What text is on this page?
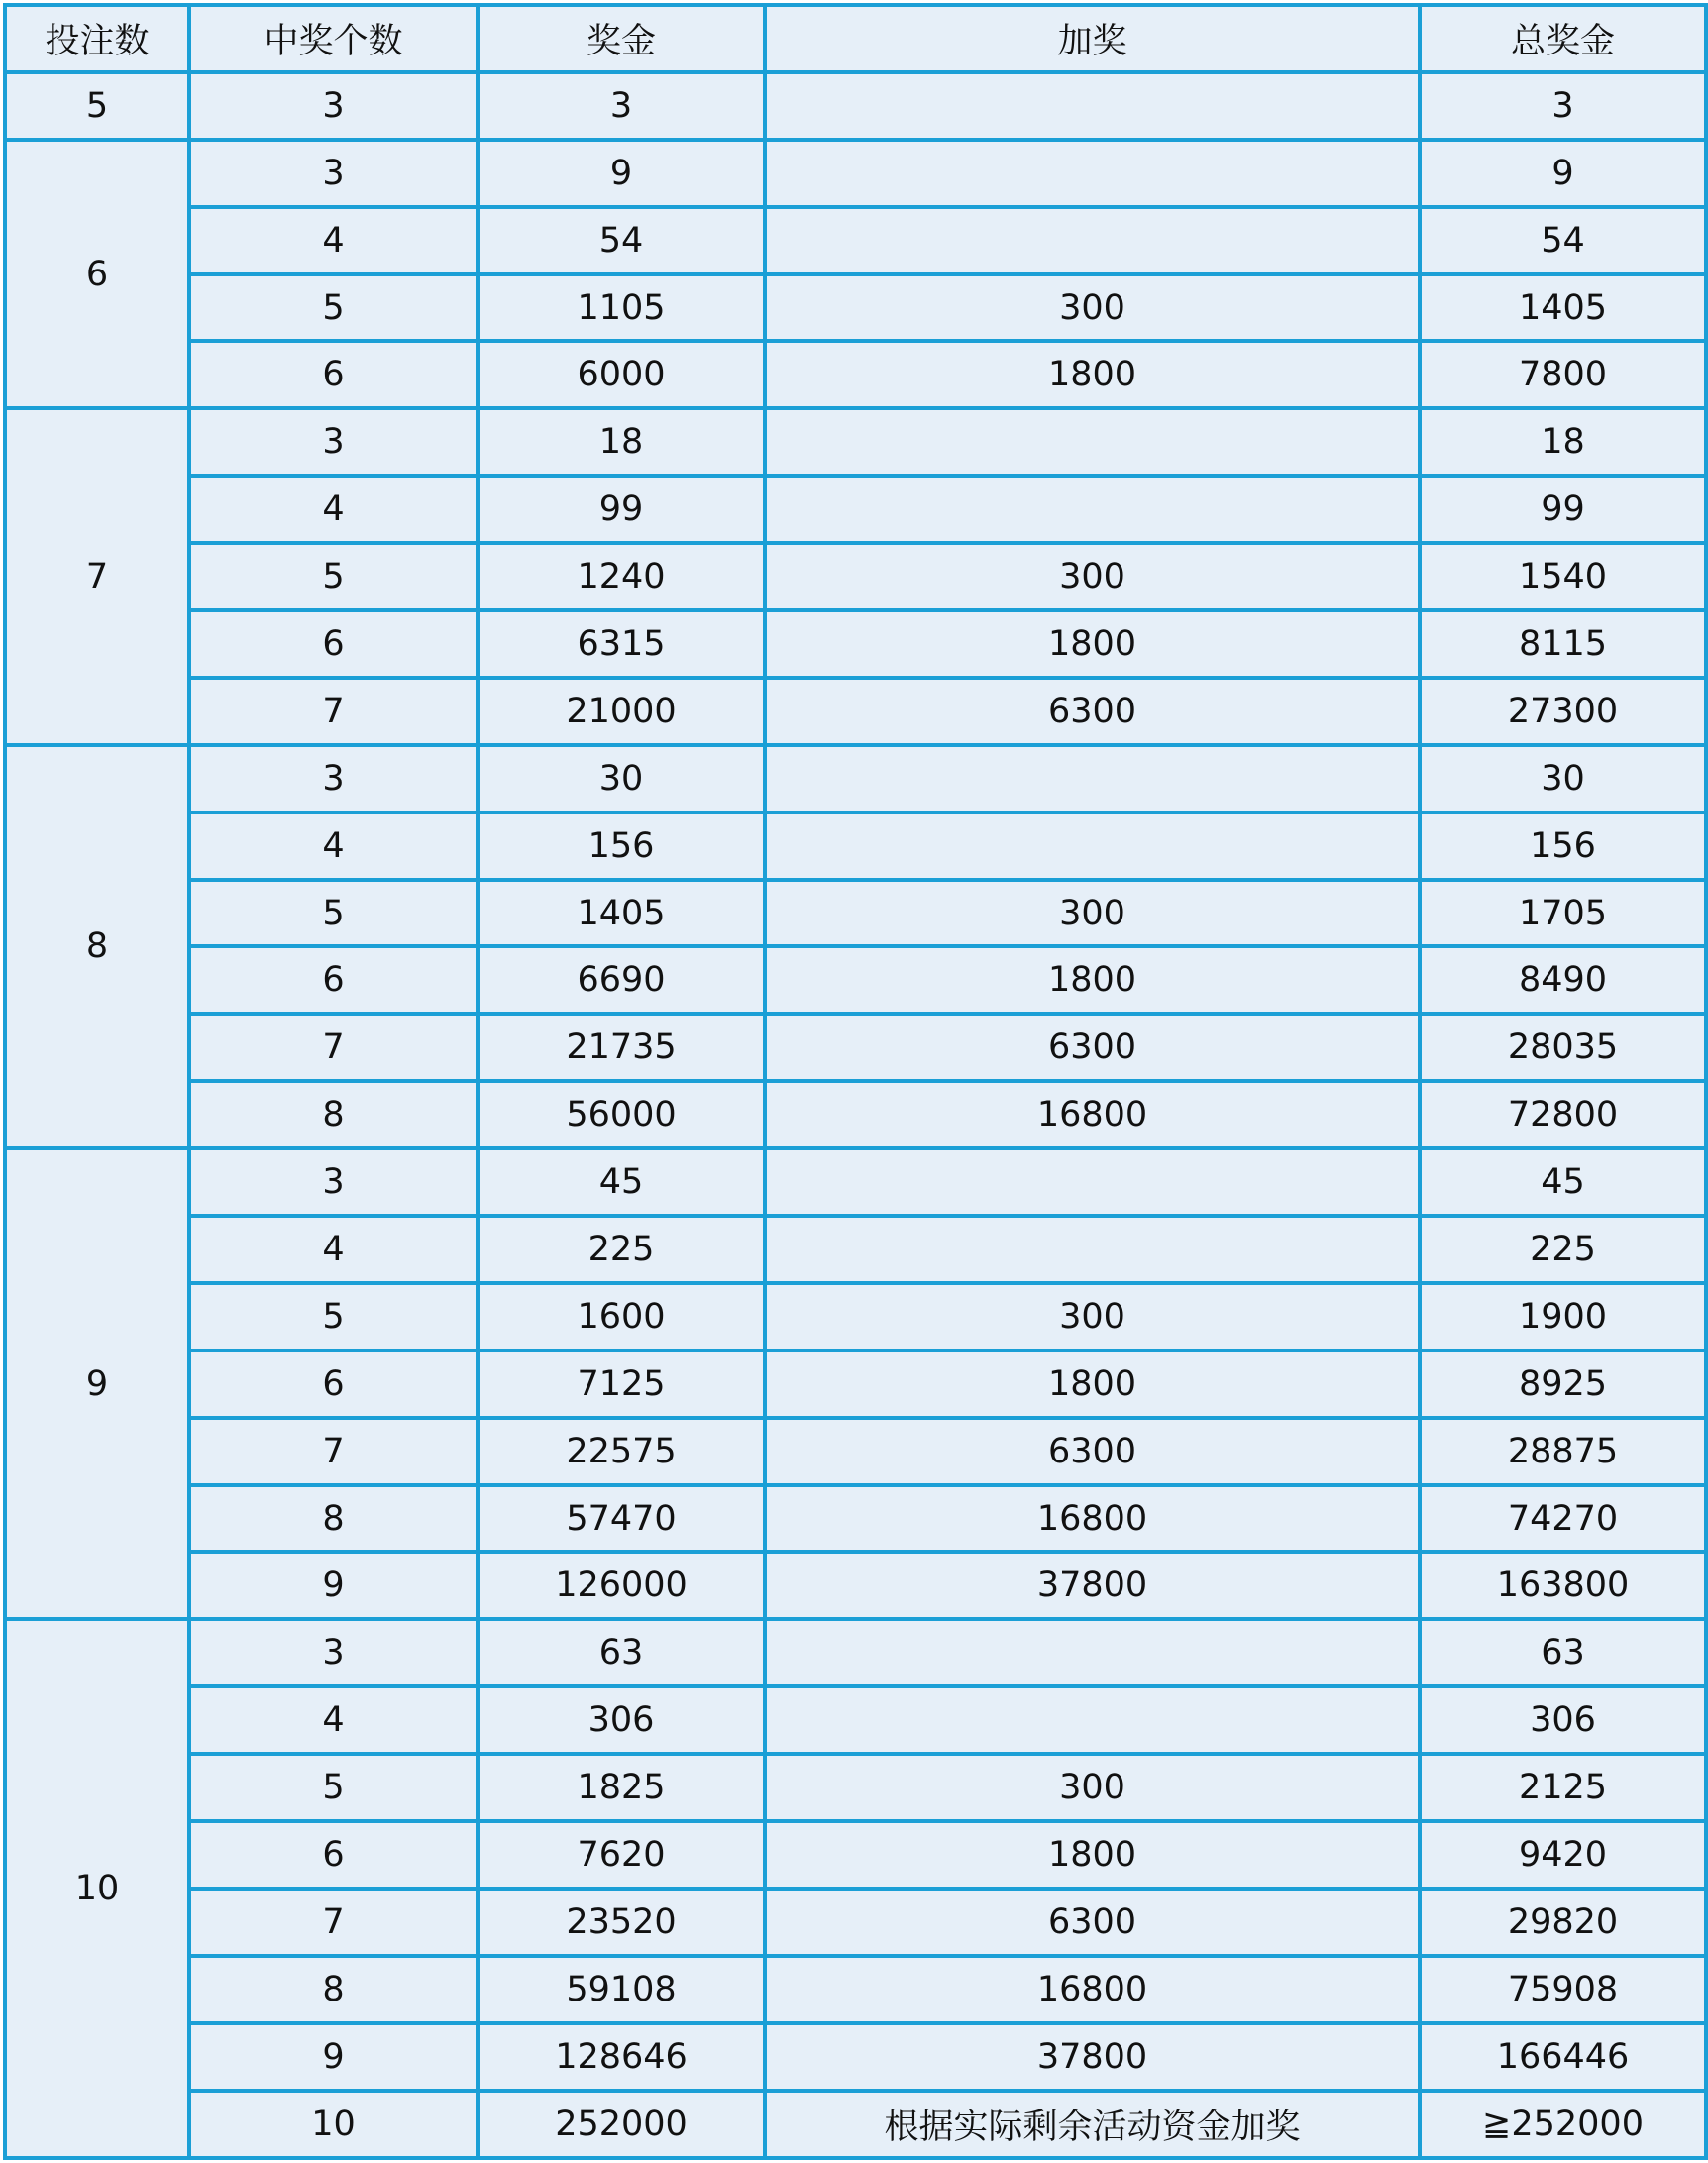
投注数	中奖个数	奖金	加奖	总奖金
5	3	3		3
6	3	9		9
	4	54		54
	5	1105	300	1405
	6	6000	1800	7800
7	3	18		18
	4	99		99
	5	1240	300	1540
	6	6315	1800	8115
	7	21000	6300	27300
8	3	30		30
	4	156		156
	5	1405	300	1705
	6	6690	1800	8490
	7	21735	6300	28035
	8	56000	16800	72800
9	3	45		45
	4	225		225
	5	1600	300	1900
	6	7125	1800	8925
	7	22575	6300	28875
	8	57470	16800	74270
	9	126000	37800	163800
10	3	63		63
	4	306		306
	5	1825	300	2125
	6	7620	1800	9420
	7	23520	6300	29820
	8	59108	16800	75908
	9	128646	37800	166446
	10	252000	根据实际剩余活动资金加奖	≧252000
